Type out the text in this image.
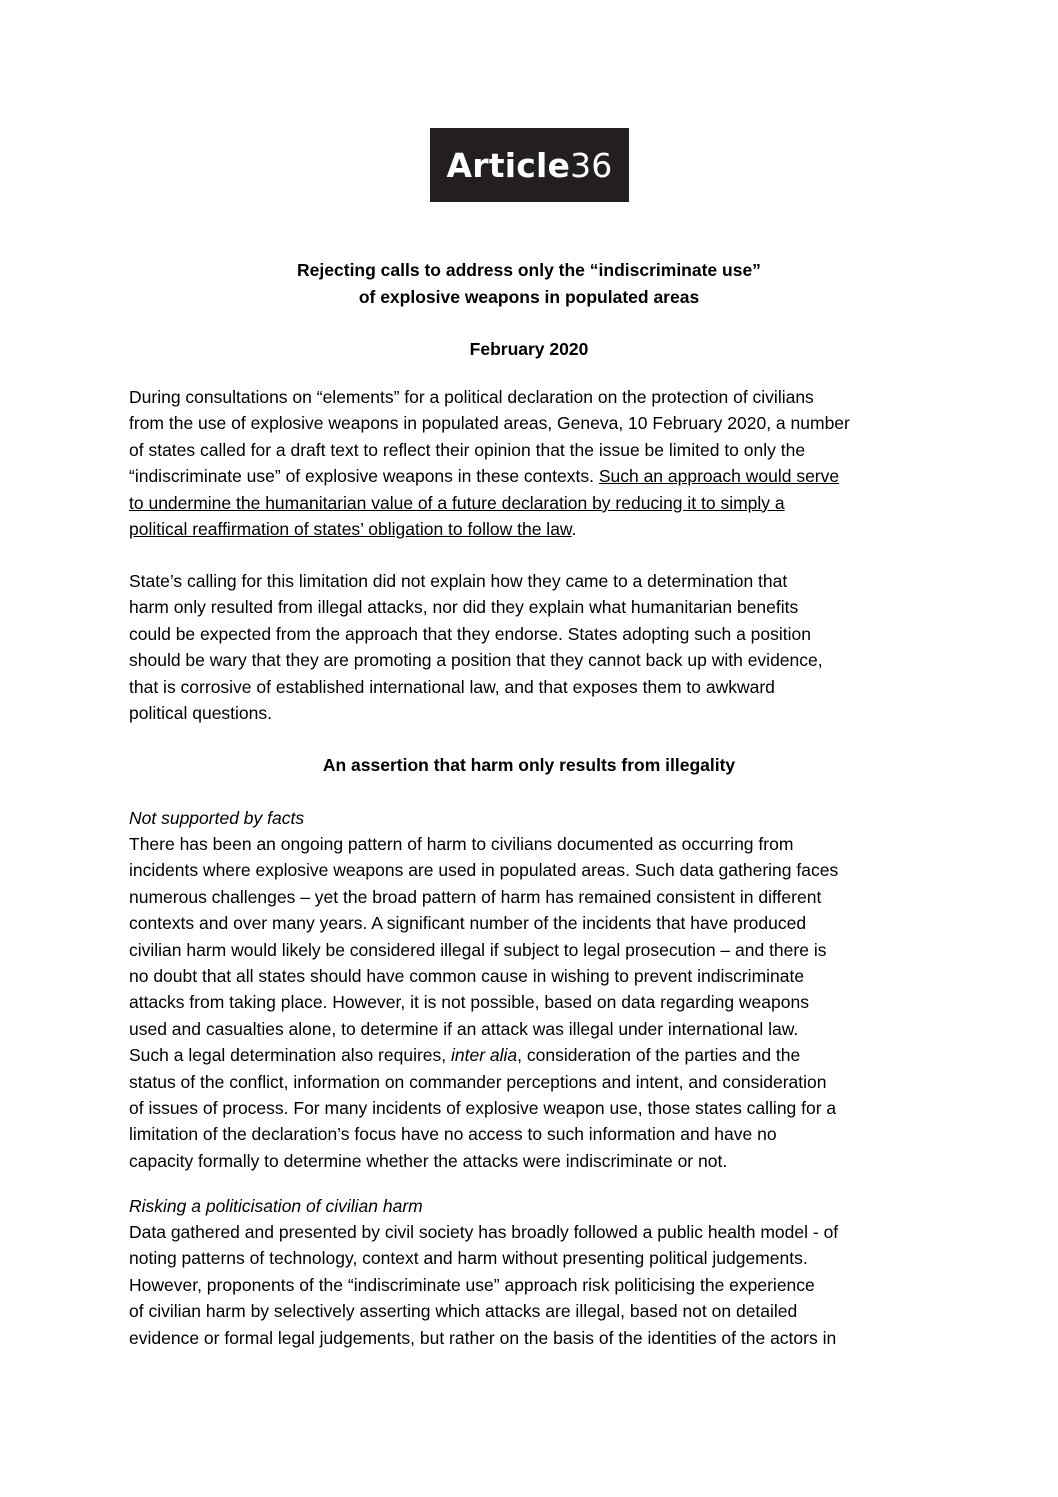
Article 36
Rejecting calls to address only the “indiscriminate use”
of explosive weapons in populated areas
February 2020
During consultations on “elements” for a political declaration on the protection of civilians
from the use of explosive weapons in populated areas, Geneva, 10 February 2020, a number
of states called for a draft text to reflect their opinion that the issue be limited to only the
“indiscriminate use” of explosive weapons in these contexts. Such an approach would serve
to undermine the humanitarian value of a future declaration by reducing it to simply a
political reaffirmation of states’ obligation to follow the law.
State’s calling for this limitation did not explain how they came to a determination that
harm only resulted from illegal attacks, nor did they explain what humanitarian benefits
could be expected from the approach that they endorse. States adopting such a position
should be wary that they are promoting a position that they cannot back up with evidence,
that is corrosive of established international law, and that exposes them to awkward
political questions.
An assertion that harm only results from illegality
Not supported by facts
There has been an ongoing pattern of harm to civilians documented as occurring from
incidents where explosive weapons are used in populated areas. Such data gathering faces
numerous challenges – yet the broad pattern of harm has remained consistent in different
contexts and over many years. A significant number of the incidents that have produced
civilian harm would likely be considered illegal if subject to legal prosecution – and there is
no doubt that all states should have common cause in wishing to prevent indiscriminate
attacks from taking place. However, it is not possible, based on data regarding weapons
used and casualties alone, to determine if an attack was illegal under international law.
Such a legal determination also requires, inter alia, consideration of the parties and the
status of the conflict, information on commander perceptions and intent, and consideration
of issues of process. For many incidents of explosive weapon use, those states calling for a
limitation of the declaration’s focus have no access to such information and have no
capacity formally to determine whether the attacks were indiscriminate or not.
Risking a politicisation of civilian harm
Data gathered and presented by civil society has broadly followed a public health model - of
noting patterns of technology, context and harm without presenting political judgements.
However, proponents of the “indiscriminate use” approach risk politicising the experience
of civilian harm by selectively asserting which attacks are illegal, based not on detailed
evidence or formal legal judgements, but rather on the basis of the identities of the actors in
